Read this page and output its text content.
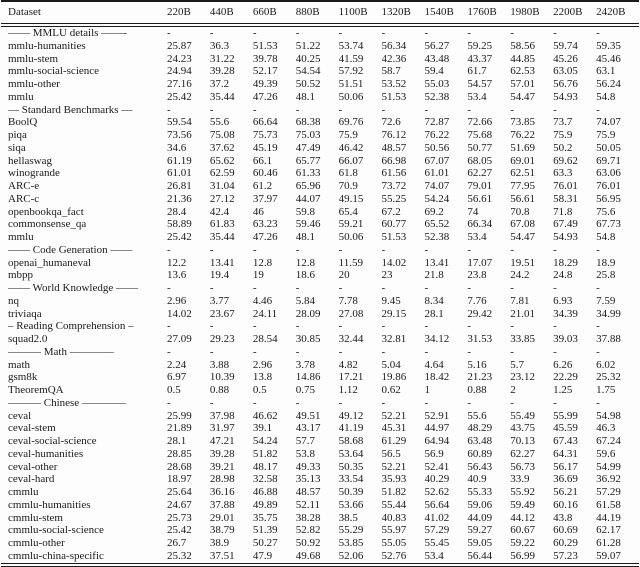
Dataset	220B	440B	660B	880B	1100B	1320B	1540B	1760B	1980B	2200B	2420B
—— MMLU details ——-	-	-	-	-	-	-	-	-	-	-	-
mmlu-humanities	25.87	36.3	51.53	51.22	53.74	56.34	56.27	59.25	58.56	59.74	59.35
mmlu-stem	24.23	31.22	39.78	40.25	41.59	42.36	43.48	43.37	44.85	45.26	45.46
mmlu-social-science	24.94	39.28	52.17	54.54	57.92	58.7	59.4	61.7	62.53	63.05	63.1
mmlu-other	27.16	37.2	49.39	50.52	51.51	53.52	55.03	54.57	57.01	56.76	56.24
mmlu	25.42	35.44	47.26	48.1	50.06	51.53	52.38	53.4	54.47	54.93	54.8
— Standard Benchmarks —	-	-	-	-	-	-	-	-	-	-	-
BoolQ	59.54	55.6	66.64	68.38	69.76	72.6	72.87	72.66	73.85	73.7	74.07
piqa	73.56	75.08	75.73	75.03	75.9	76.12	76.22	75.68	76.22	75.9	75.9
siqa	34.6	37.62	45.19	47.49	46.42	48.57	50.56	50.77	51.69	50.2	50.05
hellaswag	61.19	65.62	66.1	65.77	66.07	66.98	67.07	68.05	69.01	69.62	69.71
winogrande	61.01	62.59	60.46	61.33	61.8	61.56	61.01	62.27	62.51	63.3	63.06
ARC-e	26.81	31.04	61.2	65.96	70.9	73.72	74.07	79.01	77.95	76.01	76.01
ARC-c	21.36	27.12	37.97	44.07	49.15	55.25	54.24	56.61	56.61	58.31	56.95
openbookqa_fact	28.4	42.4	46	59.8	65.4	67.2	69.2	74	70.8	71.8	75.6
commonsense_qa	58.89	61.83	63.23	59.46	59.21	60.77	65.52	66.34	67.08	67.49	67.73
mmlu	25.42	35.44	47.26	48.1	50.06	51.53	52.38	53.4	54.47	54.93	54.8
—— Code Generation ——	-	-	-	-	-	-	-	-	-	-	-
openai_humaneval	12.2	13.41	12.8	12.8	11.59	14.02	13.41	17.07	19.51	18.29	18.9
mbpp	13.6	19.4	19	18.6	20	23	21.8	23.8	24.2	24.8	25.8
—— World Knowledge ——	-	-	-	-	-	-	-	-	-	-	-
nq	2.96	3.77	4.46	5.84	7.78	9.45	8.34	7.76	7.81	6.93	7.59
triviaqa	14.02	23.67	24.11	28.09	27.08	29.15	28.1	29.42	21.01	34.39	34.99
– Reading Comprehension –	-	-	-	-	-	-	-	-	-	-	-
squad2.0	27.09	29.23	28.54	30.85	32.44	32.81	34.12	31.53	33.85	39.03	37.88
——— Math ————	-	-	-	-	-	-	-	-	-	-	-
math	2.24	3.88	2.96	3.78	4.82	5.04	4.64	5.16	5.7	6.26	6.02
gsm8k	6.97	10.39	13.8	14.86	17.21	19.86	18.42	21.23	23.12	22.29	25.32
TheoremQA	0.5	0.88	0.5	0.75	1.12	0.62	1	0.88	2	1.25	1.75
——— Chinese ————	-	-	-	-	-	-	-	-	-	-	-
ceval	25.99	37.98	46.62	49.51	49.12	52.21	52.91	55.6	55.49	55.99	54.98
ceval-stem	21.89	31.97	39.1	43.17	41.19	45.31	44.97	48.29	43.75	45.59	46.3
ceval-social-science	28.1	47.21	54.24	57.7	58.68	61.29	64.94	63.48	70.13	67.43	67.24
ceval-humanities	28.85	39.28	51.82	53.8	53.64	56.5	56.9	60.89	62.27	64.31	59.6
ceval-other	28.68	39.21	48.17	49.33	50.35	52.21	52.41	56.43	56.73	56.17	54.99
ceval-hard	18.97	28.98	32.58	35.13	33.54	35.93	40.29	40.9	33.9	36.69	36.92
cmmlu	25.64	36.16	46.88	48.57	50.39	51.82	52.62	55.33	55.92	56.21	57.29
cmmlu-humanities	24.67	37.88	49.89	52.11	53.66	55.44	56.64	59.06	59.49	60.16	61.58
cmmlu-stem	25.73	29.01	35.75	38.28	38.5	40.83	41.02	44.09	44.12	43.8	44.19
cmmlu-social-science	25.42	38.79	51.39	52.82	55.29	55.97	57.29	59.27	60.67	60.69	62.17
cmmlu-other	26.7	38.9	50.27	50.92	53.85	55.05	55.45	59.05	59.22	60.29	61.28
cmmlu-china-specific	25.32	37.51	47.9	49.68	52.06	52.76	53.4	56.44	56.99	57.23	59.07
